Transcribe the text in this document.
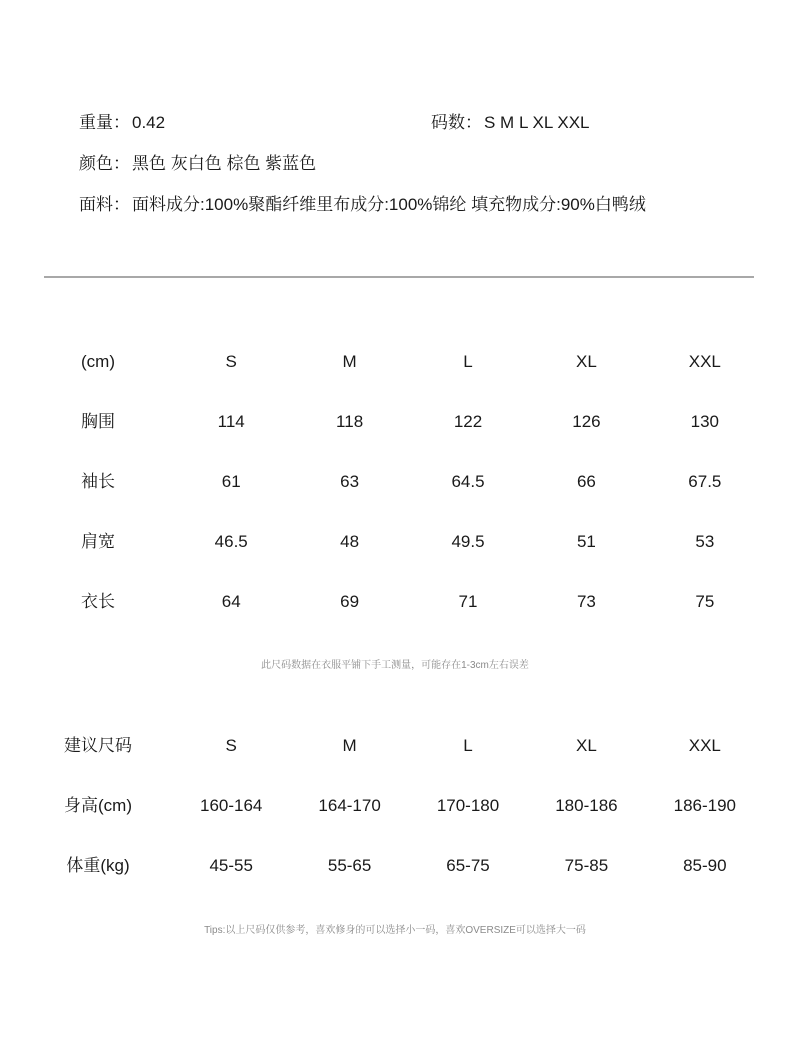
重量： 0.42	码数： S M L XL XXL
颜色： 黑色 灰白色 棕色 紫蓝色
面料： 面料成分:100%聚酯纤维里布成分:100%锦纶 填充物成分:90%白鸭绒
(cm)	S	M	L	XL	XXL
胸围	114	118	122	126	130
袖长	61	63	64.5	66	67.5
肩宽	46.5	48	49.5	51	53
衣长	64	69	71	73	75
此尺码数据在衣服平铺下手工测量，可能存在1-3cm左右误差
建议尺码	S	M	L	XL	XXL
身高(cm)	160-164	164-170	170-180	180-186	186-190
体重(kg)	45-55	55-65	65-75	75-85	85-90
Tips:以上尺码仅供参考，喜欢修身的可以选择小一码，喜欢OVERSIZE可以选择大一码
